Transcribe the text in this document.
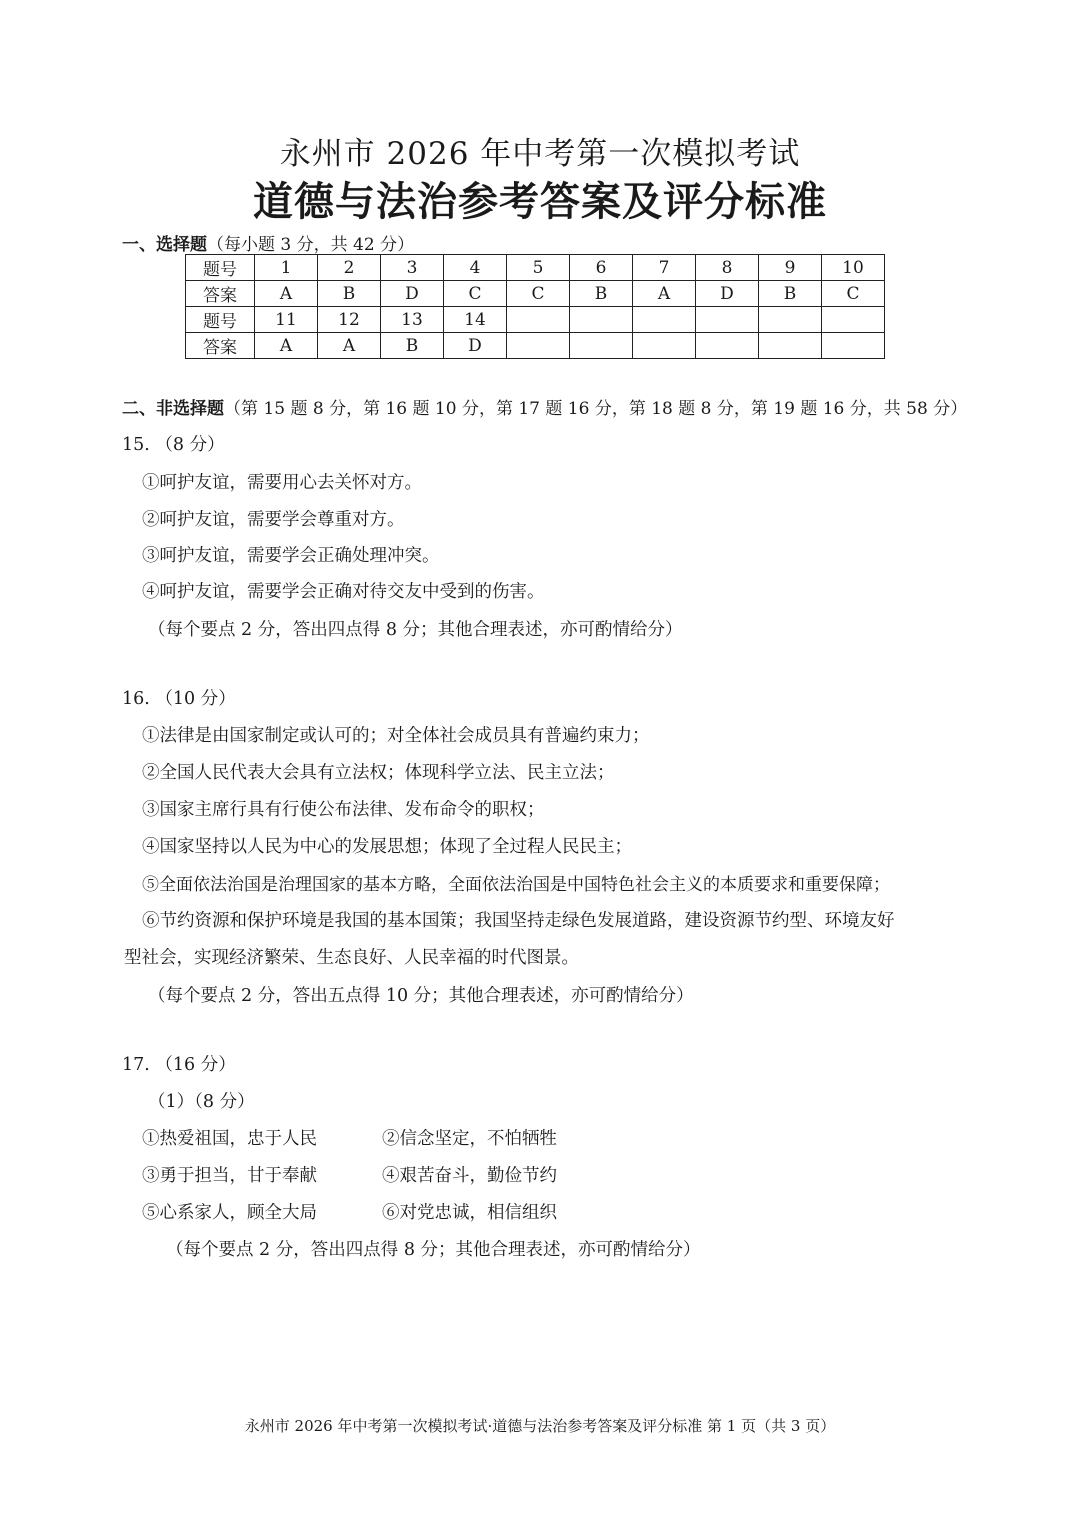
永州市 2026 年中考第一次模拟考试
道德与法治参考答案及评分标准
一、选择题（每小题 3 分，共 42 分）
题号	1	2	3	4	5	6	7	8	9	10
答案	A	B	D	C	C	B	A	D	B	C
题号	11	12	13	14						
答案	A	A	B	D						
二、非选择题（第 15 题 8 分，第 16 题 10 分，第 17 题 16 分，第 18 题 8 分，第 19 题 16 分，共 58 分）
15. （8 分）
①呵护友谊，需要用心去关怀对方。
②呵护友谊，需要学会尊重对方。
③呵护友谊，需要学会正确处理冲突。
④呵护友谊，需要学会正确对待交友中受到的伤害。
（每个要点 2 分，答出四点得 8 分；其他合理表述，亦可酌情给分）
16. （10 分）
①法律是由国家制定或认可的；对全体社会成员具有普遍约束力；
②全国人民代表大会具有立法权；体现科学立法、民主立法；
③国家主席行具有行使公布法律、发布命令的职权；
④国家坚持以人民为中心的发展思想；体现了全过程人民民主；
⑤全面依法治国是治理国家的基本方略，全面依法治国是中国特色社会主义的本质要求和重要保障；
⑥节约资源和保护环境是我国的基本国策；我国坚持走绿色发展道路，建设资源节约型、环境友好
型社会，实现经济繁荣、生态良好、人民幸福的时代图景。
（每个要点 2 分，答出五点得 10 分；其他合理表述，亦可酌情给分）
17. （16 分）
（1）（8 分）
①热爱祖国，忠于人民	②信念坚定，不怕牺牲
③勇于担当，甘于奉献	④艰苦奋斗，勤俭节约
⑤心系家人，顾全大局	⑥对党忠诚，相信组织
（每个要点 2 分，答出四点得 8 分；其他合理表述，亦可酌情给分）
永州市 2026 年中考第一次模拟考试·道德与法治参考答案及评分标准 第 1 页（共 3 页）
